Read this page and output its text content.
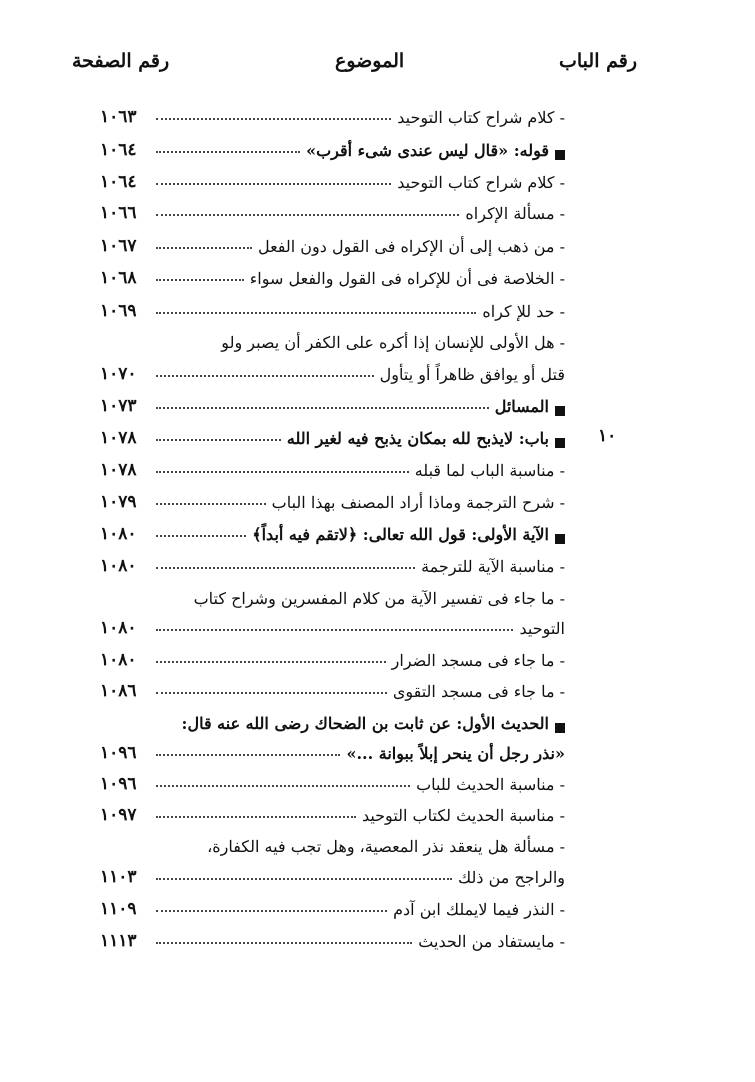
رقم الباب
الموضوع
رقم الصفحة
- كلام شراح كتاب التوحيد
١٠٦٣
قوله: «قال ليس عندى شىء أقرب»
١٠٦٤
- كلام شراح كتاب التوحيد
١٠٦٤
- مسألة الإكراه
١٠٦٦
- من ذهب إلى أن الإكراه فى القول دون الفعل
١٠٦٧
- الخلاصة فى أن للإكراه فى القول والفعل سواء
١٠٦٨
- حد للإ كراه
١٠٦٩
- هل الأولى للإنسان إذا أكره على الكفر أن يصبر ولو
قتل أو يوافق ظاهراً أو يتأول
١٠٧٠
المسائل
١٠٧٣
باب: لايذبح لله بمكان يذبح فيه لغير الله
١٠٧٨	١٠
- مناسبة الباب لما قبله
١٠٧٨
- شرح الترجمة وماذا أراد المصنف بهذا الباب
١٠٧٩
الآية الأولى: قول الله تعالى: ﴿لاتقم فيه أبداً﴾
١٠٨٠
- مناسبة الآية للترجمة
١٠٨٠
- ما جاء فى تفسير الآية من كلام المفسرين وشراح كتاب
التوحيد
١٠٨٠
- ما جاء فى مسجد الضرار
١٠٨٠
- ما جاء فى مسجد التقوى
١٠٨٦
الحديث الأول: عن ثابت بن الضحاك رضى الله عنه قال:
«نذر رجل أن ينحر إبلاً ببوانة ...»
١٠٩٦
- مناسبة الحديث للباب
١٠٩٦
- مناسبة الحديث لكتاب التوحيد
١٠٩٧
- مسألة هل ينعقد نذر المعصية، وهل تجب فيه الكفارة،
والراجح من ذلك
١١٠٣
- النذر فيما لايملك ابن آدم
١١٠٩
- مايستفاد من الحديث
١١١٣
